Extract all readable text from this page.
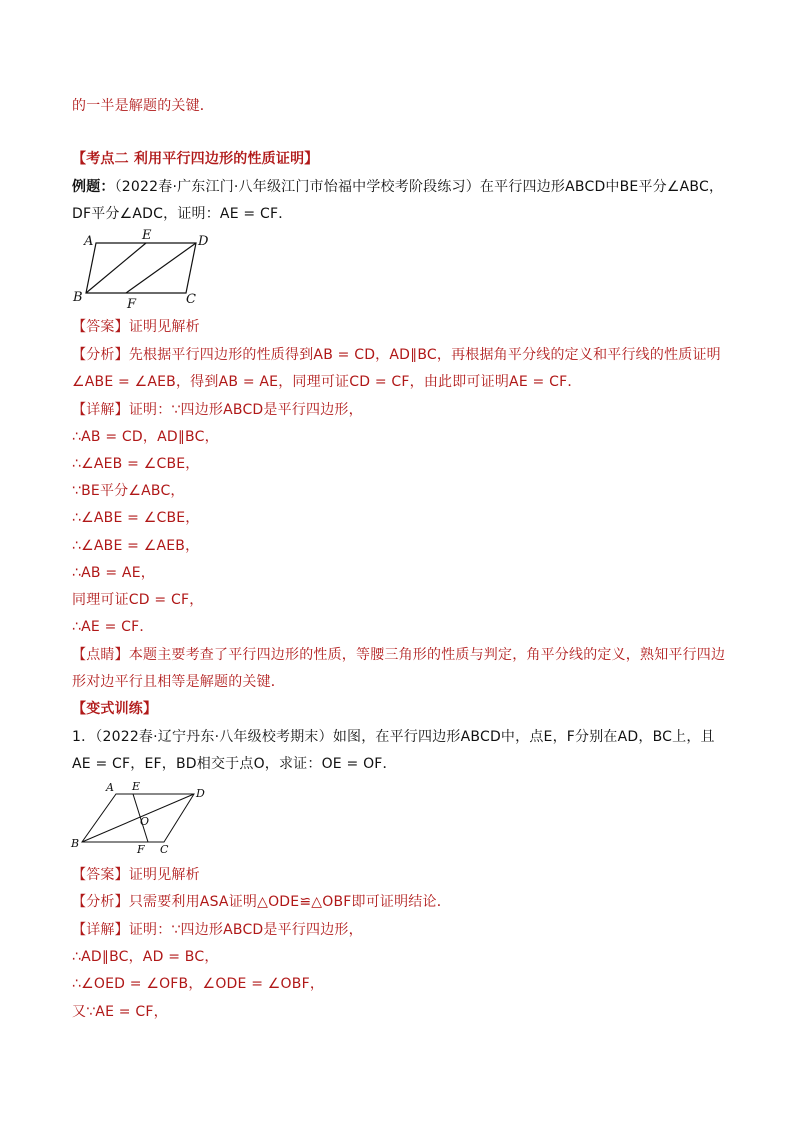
的一半是解题的关键．
【考点二 利用平行四边形的性质证明】
例题：（2022春·广东江门·八年级江门市怡福中学校考阶段练习）在平行四边形ABCD中BE平分∠ABC，
DF平分∠ADC，证明：AE = CF．
A	E	D
B	F	C
【答案】证明见解析
【分析】先根据平行四边形的性质得到AB = CD，AD∥BC，再根据角平分线的定义和平行线的性质证明
∠ABE = ∠AEB，得到AB = AE，同理可证CD = CF，由此即可证明AE = CF．
【详解】证明：∵四边形ABCD是平行四边形，
∴AB = CD，AD∥BC，
∴∠AEB = ∠CBE，
∵BE平分∠ABC，
∴∠ABE = ∠CBE，
∴∠ABE = ∠AEB，
∴AB = AE，
同理可证CD = CF，
∴AE = CF．
【点睛】本题主要考查了平行四边形的性质，等腰三角形的性质与判定，角平分线的定义，熟知平行四边
形对边平行且相等是解题的关键．
【变式训练】
1．（2022春·辽宁丹东·八年级校考期末）如图，在平行四边形ABCD中，点E，F分别在AD，BC上，且
AE = CF，EF，BD相交于点O，求证：OE = OF．
A E
D
B
O
F C
【答案】证明见解析
【分析】只需要利用ASA证明△ODE≌△OBF即可证明结论．
【详解】证明：∵四边形ABCD是平行四边形，
∴AD∥BC，AD = BC，
∴∠OED = ∠OFB，∠ODE = ∠OBF，
又∵AE = CF，
